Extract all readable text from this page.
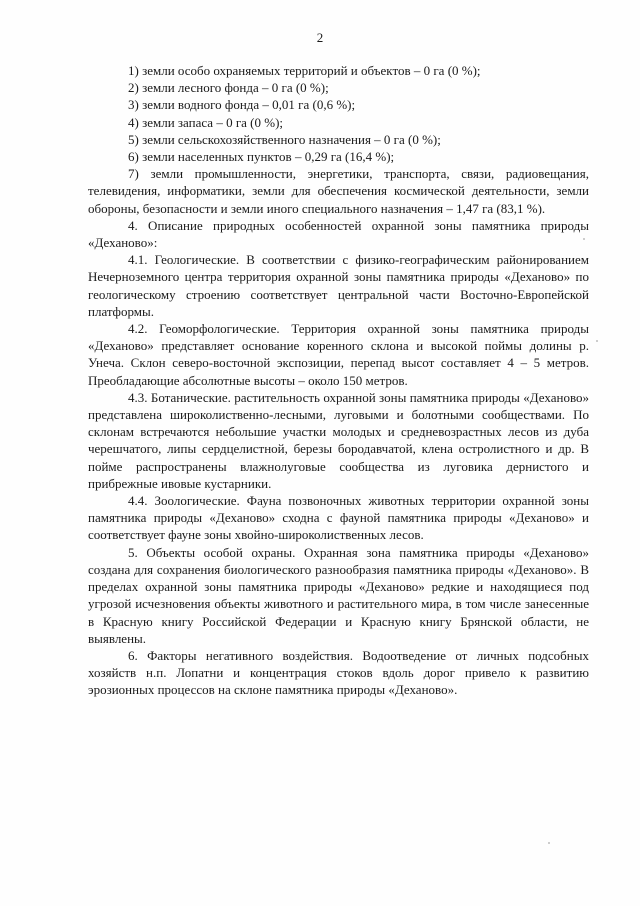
2

1) земли особо охраняемых территорий и объектов – 0 га (0 %);

2) земли лесного фонда – 0 га (0 %);

3) земли водного фонда – 0,01 га (0,6 %);

4) земли запаса – 0 га (0 %);

5) земли сельскохозяйственного назначения – 0 га (0 %);

6) земли населенных пунктов – 0,29 га (16,4 %);

7) земли промышленности, энергетики, транспорта, связи, радиовещания, телевидения, информатики, земли для обеспечения космической деятельности, земли обороны, безопасности и земли иного специального назначения – 1,47 га (83,1 %).

4. Описание природных особенностей охранной зоны памятника природы «Деханово»:

4.1. Геологические. В соответствии с физико-географическим районированием Нечерноземного центра территория охранной зоны памятника природы «Деханово» по геологическому строению соответствует центральной части Восточно-Европейской платформы.

4.2. Геоморфологические. Территория охранной зоны памятника природы «Деханово» представляет основание коренного склона и высокой поймы долины р. Унеча. Склон северо-восточной экспозиции, перепад высот составляет 4 – 5 метров. Преобладающие абсолютные высоты – около 150 метров.

4.3. Ботанические. растительность охранной зоны памятника природы «Деханово» представлена широколиственно-лесными, луговыми и болотными сообществами. По склонам встречаются небольшие участки молодых и средневозрастных лесов из дуба черешчатого, липы сердцелистной, березы бородавчатой, клена остролистного и др. В пойме распространены влажнолуговые сообщества из луговика дернистого и прибрежные ивовые кустарники.

4.4. Зоологические. Фауна позвоночных животных территории охранной зоны памятника природы «Деханово» сходна с фауной памятника природы «Деханово» и соответствует фауне зоны хвойно-широколиственных лесов.

5. Объекты особой охраны. Охранная зона памятника природы «Деханово» создана для сохранения биологического разнообразия памятника природы «Деханово». В пределах охранной зоны памятника природы «Деханово» редкие и находящиеся под угрозой исчезновения объекты животного и растительного мира, в том числе занесенные в Красную книгу Российской Федерации и Красную книгу Брянской области, не выявлены.

6. Факторы негативного воздействия. Водоотведение от личных подсобных хозяйств н.п. Лопатни и концентрация стоков вдоль дорог привело к развитию эрозионных процессов на склоне памятника природы «Деханово».
